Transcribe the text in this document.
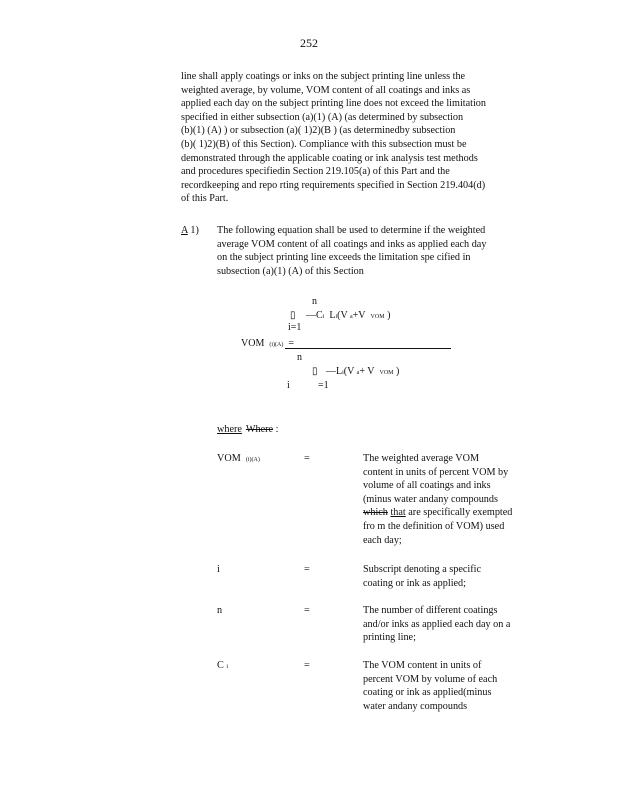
252
line shall apply coatings or inks on the subject printing line unless the
weighted average, by volume, VOM content of all coatings and inks as
applied each day on the subject printing line does not exceed the limitation
specified in either subsection (a)(1) (A) (as determined by subsection
(b)(1) (A) ) or subsection (a)( 1)2)(B ) (as determinedby subsection
(b)( 1)2)(B) of this Section). Compliance with this subsection must be
demonstrated through the applicable coating or ink analysis test methods
and procedures specifiedin Section 219.105(a) of this Part and the
recordkeeping and repo rting requirements specified in Section 219.404(d)
of this Part.
A 1) The following equation shall be used to determine if the weighted
average VOM content of all coatings and inks as applied each day
on the subject printing line exceeds the limitation spe cified in
subsection (a)(1) (A) of this Section
n
▯ —Ci Li(V a+V VOM )
i=1
VOM (i)(A) =
n
▯ —Li(V a+ V VOM )
i	=1
where Where :
VOM (i)(A)	=	The weighted average VOM
content in units of percent VOM by
volume of all coatings and inks
(minus water andany compounds
which that are specifically exempted
fro m the definition of VOM) used
each day;
i	=	Subscript denoting a specific
coating or ink as applied;
n	=	The number of different coatings
and/or inks as applied each day on a
printing line;
C i	=	The VOM content in units of
percent VOM by volume of each
coating or ink as applied(minus
water andany compounds
